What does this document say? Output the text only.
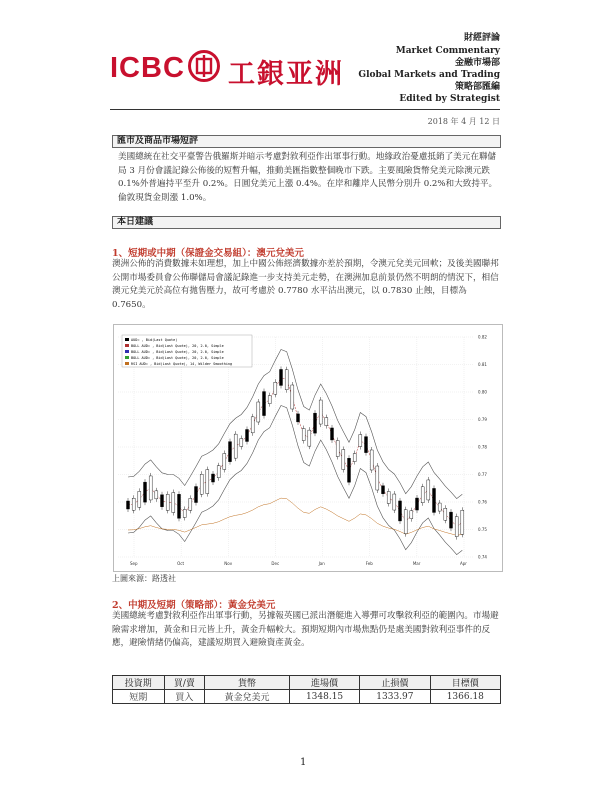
ICBC 工銀亚洲
財經評論
Market Commentary
金融市場部
Global Markets and Trading
策略部匯編
Edited by Strategist
2018 年 4 月 12 日
匯市及商品市場短評
美國總統在社交平臺警告俄羅斯并暗示考慮對敘利亞作出軍事行動。地緣政治憂慮抵銷了美元在聯儲局 3 月份會議記錄公佈後的短暫升幅，推動美匯指數整個晚市下跌。主要風險貨幣兌美元除澳元跌 0.1%外普遍持平至升 0.2%。日圓兌美元上漲 0.4%。在岸和離岸人民幣分別升 0.2%和大致持平。倫敦現貨金則漲 1.0%。
本日建議
1、短期或中期（保證金交易組）：澳元兌美元
澳洲公佈的消費數據未如理想，加上中國公佈經濟數據亦差於預期，令澳元兌美元回軟；及後美國聯邦公開市場委員會公佈聯儲局會議記錄進一步支持美元走勢，在澳洲加息前景仍然不明朗的情況下，相信澳元兌美元於高位有拋售壓力，故可考慮於 0.7780 水平沽出澳元，以 0.7830 止蝕，目標為 0.7650。
AUD= , Bid(Last Quote)
BOLL AUD= , Bid(Last Quote), 20, 2.0, Simple
BOLL AUD= , Bid(Last Quote), 20, 2.0, Simple
BOLL AUD= , Bid(Last Quote), 20, 2.0, Simple
RSI AUD= , Bid(Last Quote), 14, Wilder Smoothing
0.82
0.81
0.80
0.79
0.78
0.77
0.76
0.75
0.74
Sep	Oct	Nov	Dec	Jan	Feb	Mar	Apr
上圖來源：路透社
2、中期及短期（策略部）：黃金兌美元
美國總統考慮對敘利亞作出軍事行動，另據報英國已派出潛艇進入導彈可攻擊敘利亞的範圍內。市場避險需求增加，黃金和日元皆上升，黃金升幅較大。預期短期內市場焦點仍是處美國對敘利亞事件的反應，避險情緒仍偏高，建議短期買入避險資產黃金。
投資期	買/賣	貨幣	進場價	止損價	目標價
短期	買入	黃金兌美元	1348.15	1333.97	1366.18
1
